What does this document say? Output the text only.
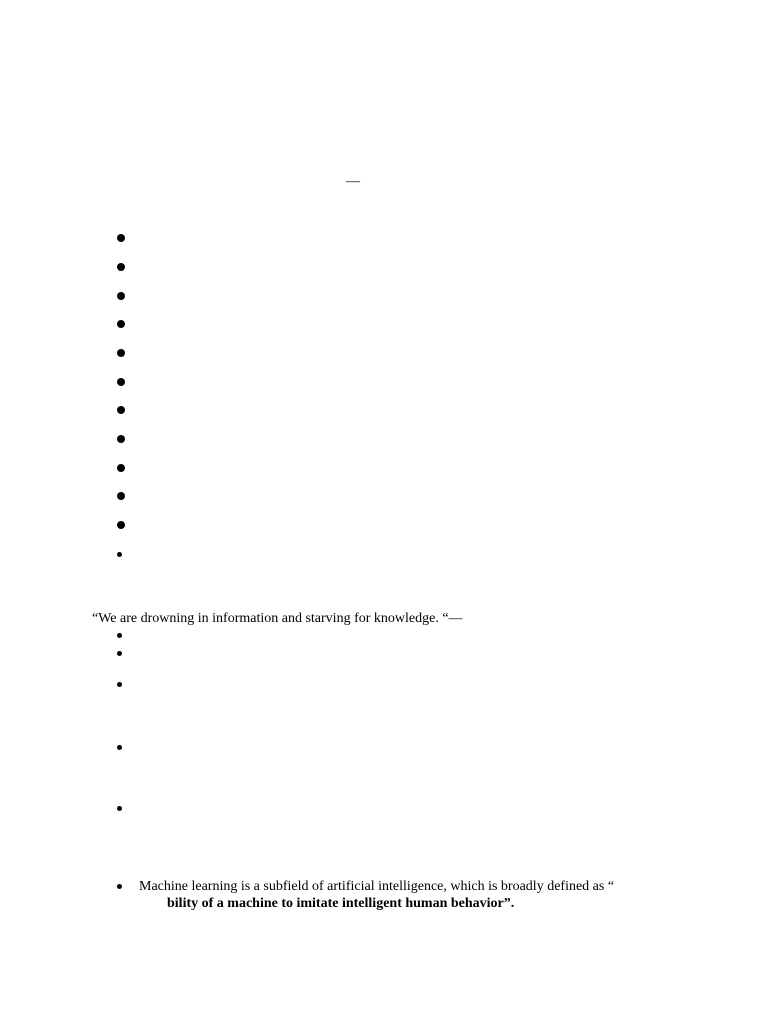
—
“We are drowning in information and starving for knowledge. “—
Machine learning is a subfield of artificial intelligence, which is broadly defined as “
bility of a machine to imitate intelligent human behavior”.
